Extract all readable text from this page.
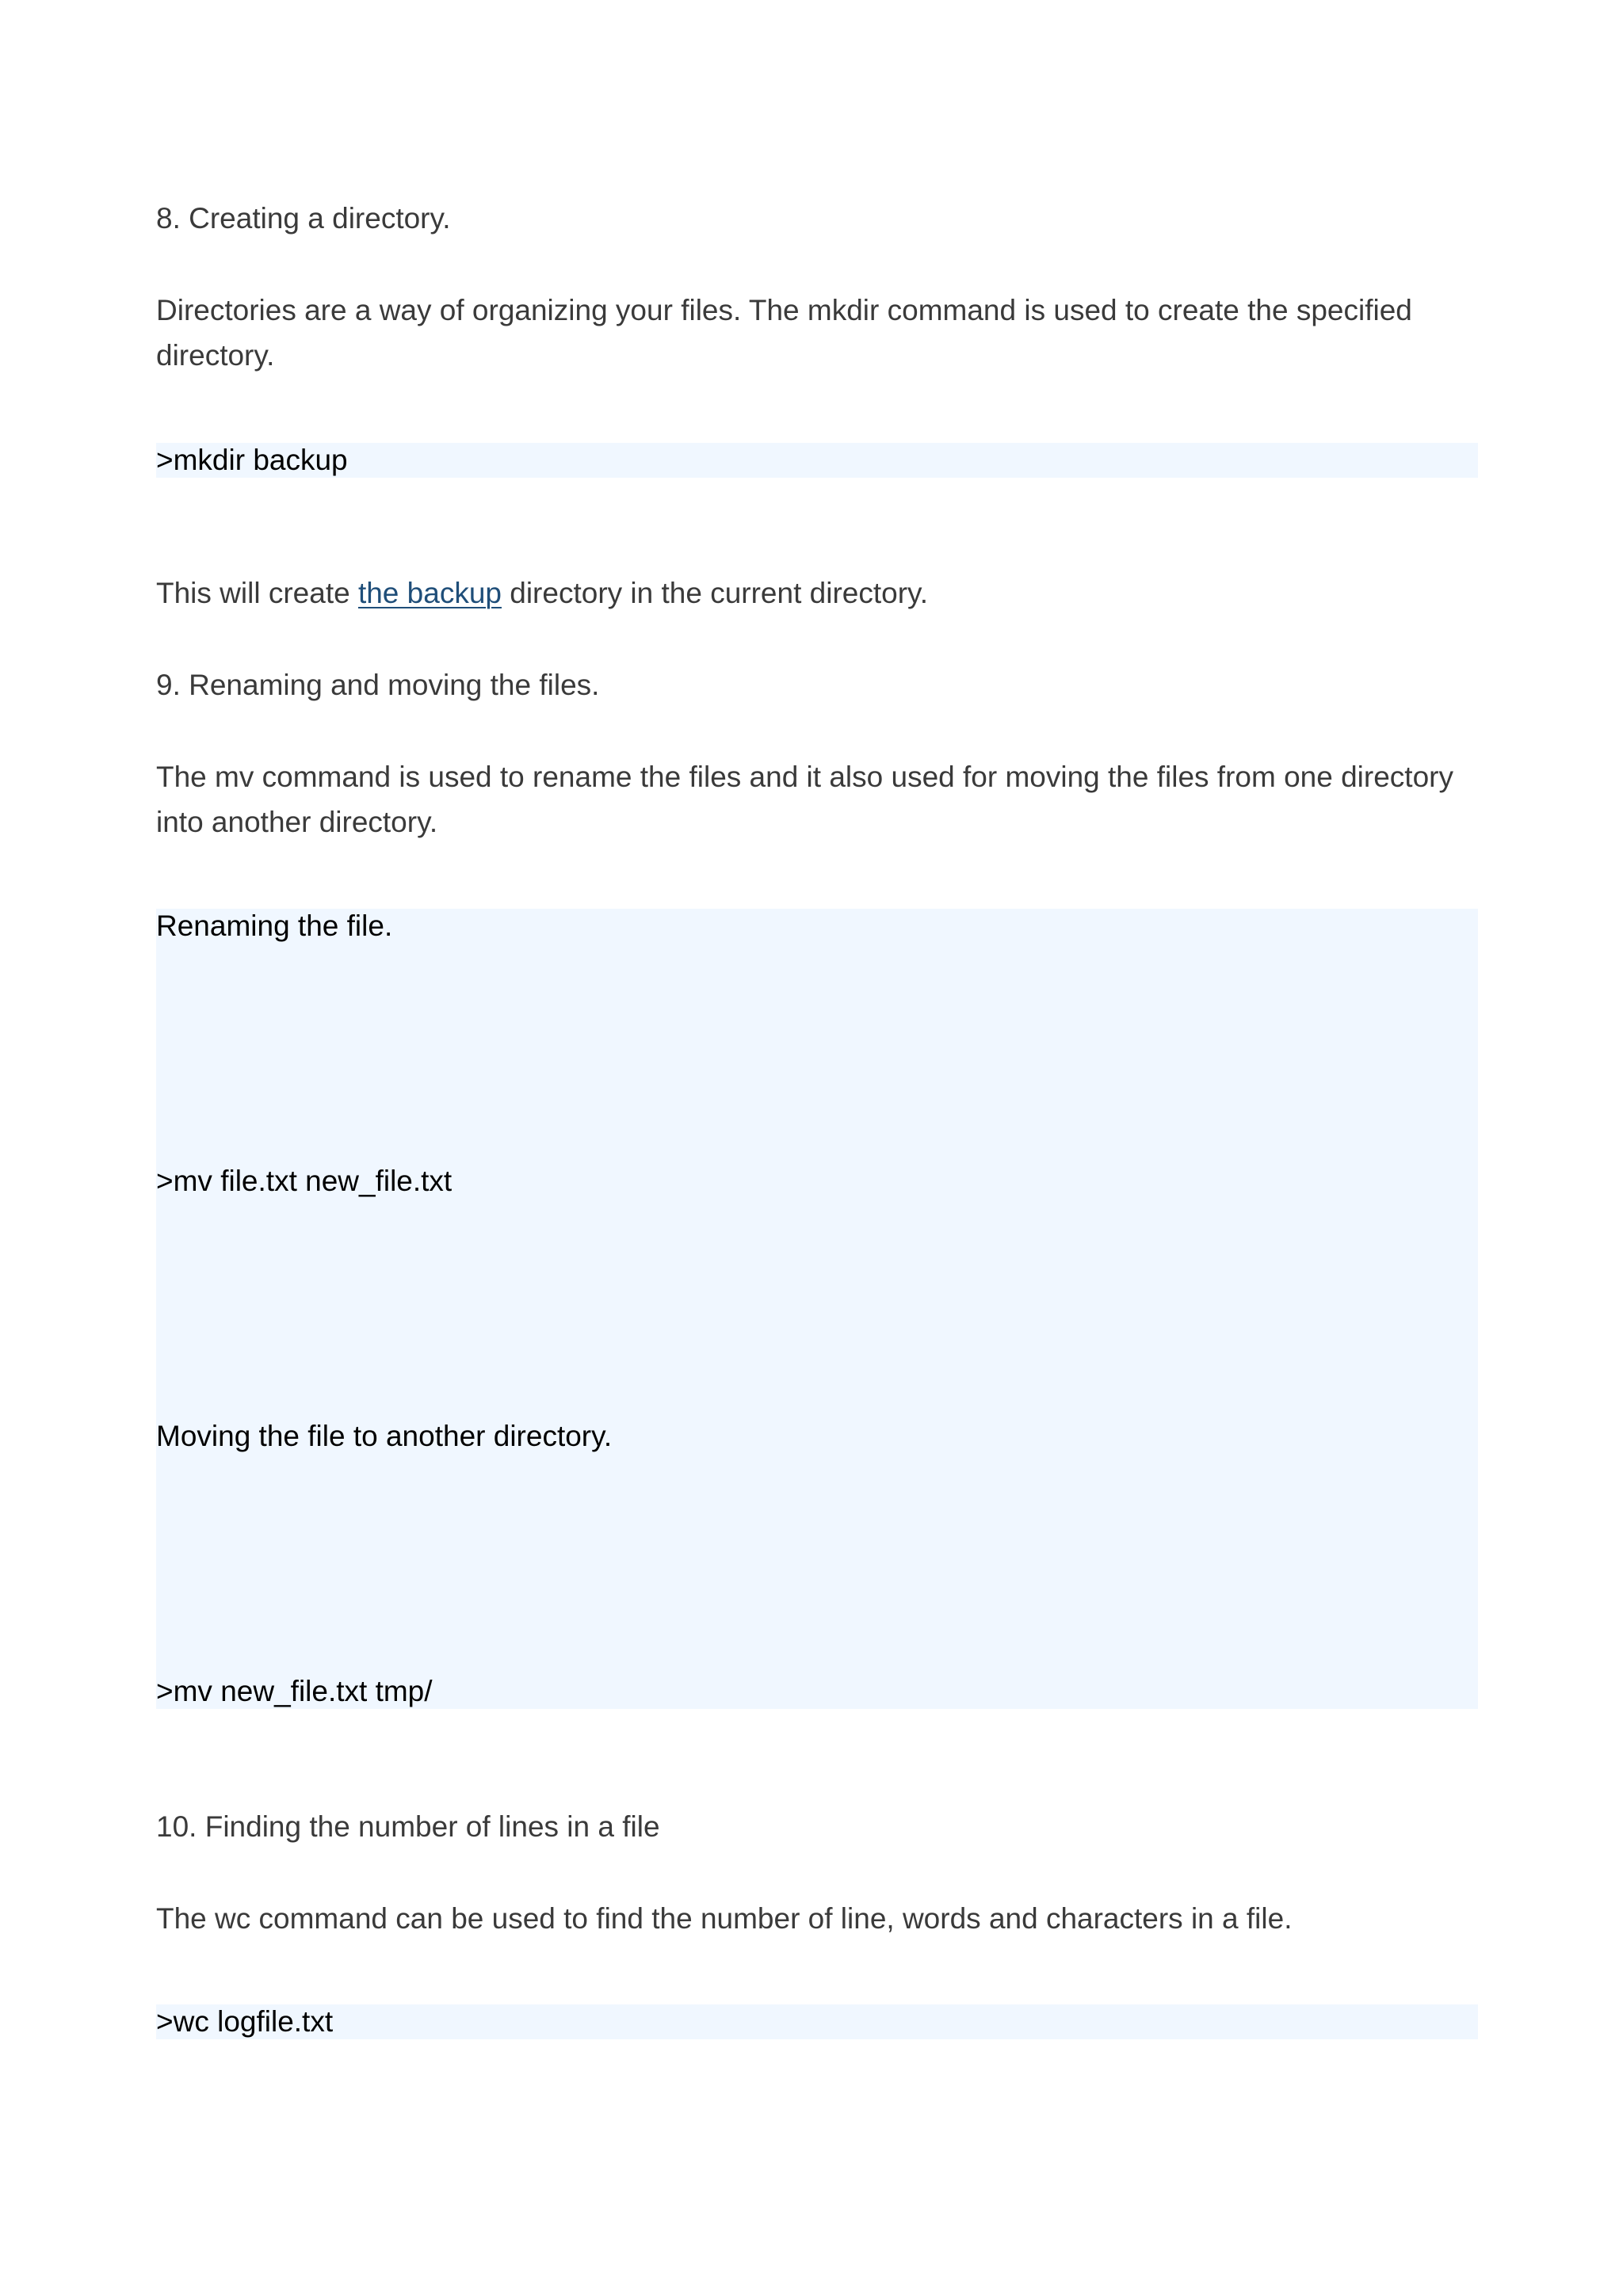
8. Creating a directory.

Directories are a way of organizing your files. The mkdir command is used to create the specified directory.

>mkdir backup

This will create the backup directory in the current directory.

9. Renaming and moving the files.

The mv command is used to rename the files and it also used for moving the files from one directory into another directory.

Renaming the file.
>mv file.txt new_file.txt
Moving the file to another directory.
>mv new_file.txt tmp/

10. Finding the number of lines in a file

The wc command can be used to find the number of line, words and characters in a file.

>wc logfile.txt
